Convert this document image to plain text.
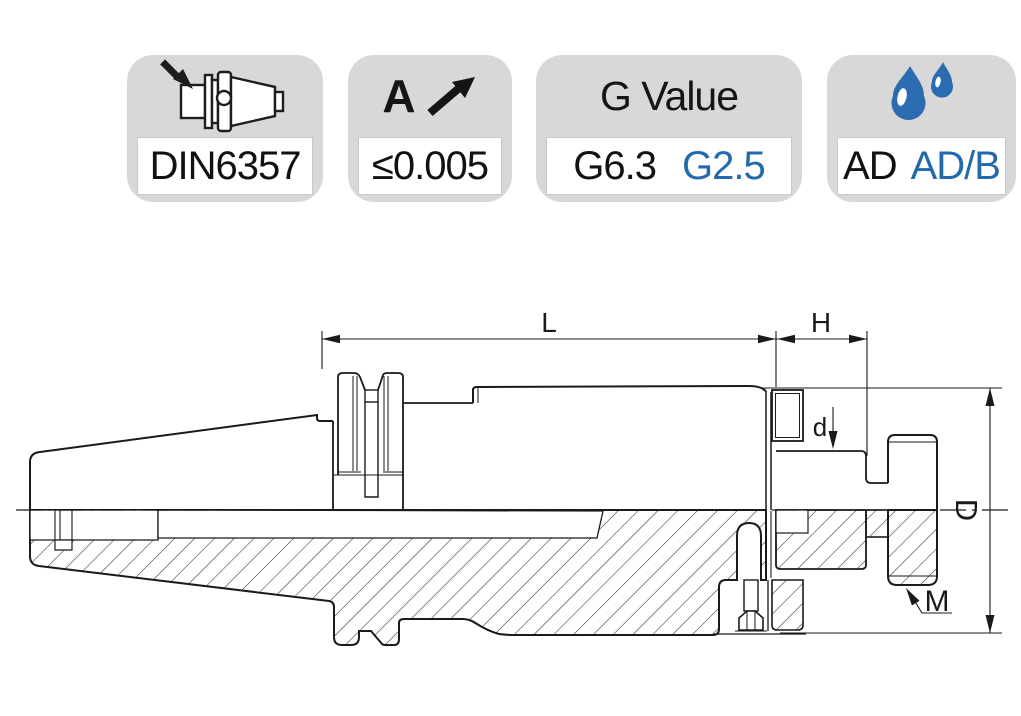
L	H
d
D
M
DIN6357
A
≤0.005
G Value
G6.3 G2.5 AD AD/B
